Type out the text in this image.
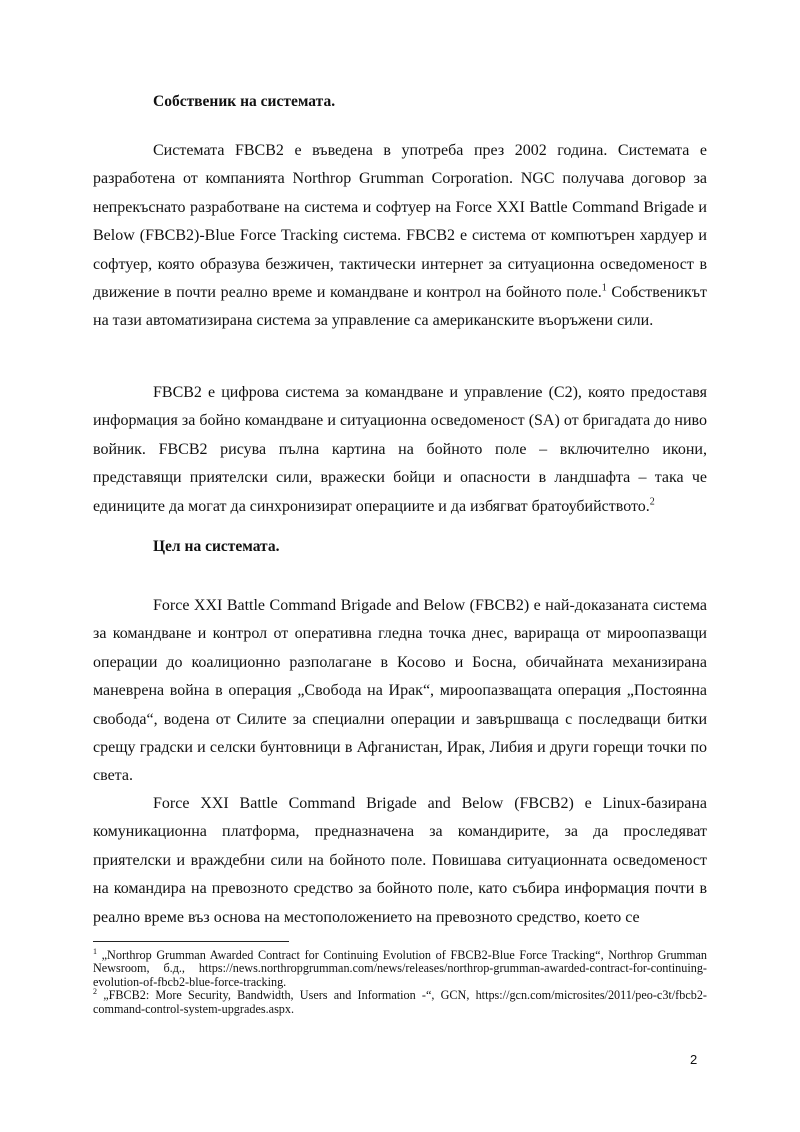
Собственик на системата.

Системата FBCB2 е въведена в употреба през 2002 година. Системата е разработена от компанията Northrop Grumman Corporation. NGC получава договор за непрекъснато разработване на система и софтуер на Force XXI Battle Command Brigade и Below (FBCB2)-Blue Force Tracking система. FBCB2 е система от компютърен хардуер и софтуер, която образува безжичен, тактически интернет за ситуационна осведоменост в движение в почти реално време и командване и контрол на бойното поле.$^1$ Собственикът на тази автоматизирана система за управление са американските въоръжени сили.

FBCB2 е цифрова система за командване и управление (C2), която предоставя информация за бойно командване и ситуационна осведоменост (SA) от бригадата до ниво войник. FBCB2 рисува пълна картина на бойното поле – включително икони, представящи приятелски сили, вражески бойци и опасности в ландшафта – така че единиците да могат да синхронизират операциите и да избягват братоубийството.$^2$

Цел на системата.

Force XXI Battle Command Brigade and Below (FBCB2) е най-доказаната система за командване и контрол от оперативна гледна точка днес, варираща от мироопазващи операции до коалиционно разполагане в Косово и Босна, обичайната механизирана маневрена война в операция „Свобода на Ирак“, мироопазващата операция „Постоянна свобода“, водена от Силите за специални операции и завършваща с последващи битки срещу градски и селски бунтовници в Афганистан, Ирак, Либия и други горещи точки по света.

Force XXI Battle Command Brigade and Below (FBCB2) е Linux-базирана комуникационна платформа, предназначена за командирите, за да проследяват приятелски и враждебни сили на бойното поле. Повишава ситуационната осведоменост на командира на превозното средство за бойното поле, като събира информация почти в реално време въз основа на местоположението на превозното средство, което се

$^1$ „Northrop Grumman Awarded Contract for Continuing Evolution of FBCB2-Blue Force Tracking“, Northrop Grumman Newsroom, б.д., https://news.northropgrumman.com/news/releases/northrop-grumman-awarded-contract-for-continuing-evolution-of-fbcb2-blue-force-tracking.

$^2$ „FBCB2: More Security, Bandwidth, Users and Information -“, GCN, https://gcn.com/microsites/2011/peo-c3t/fbcb2-command-control-system-upgrades.aspx.

2
